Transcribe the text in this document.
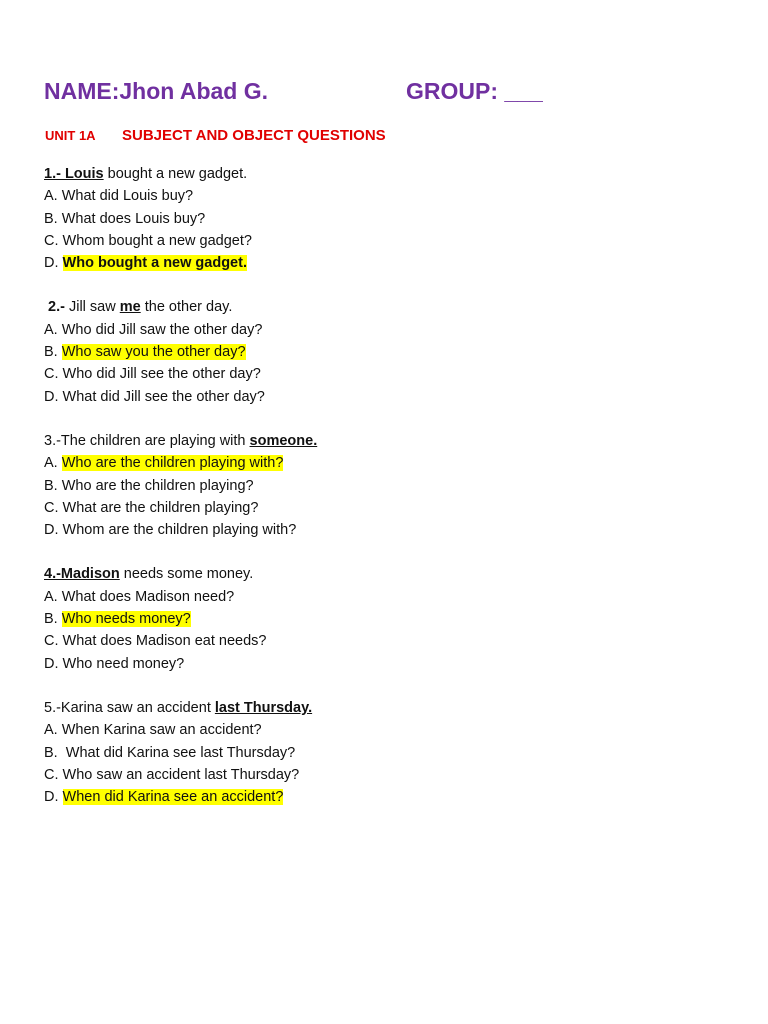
NAME:Jhon Abad G.	GROUP: ___
UNIT 1A SUBJECT AND OBJECT QUESTIONS
1.- Louis bought a new gadget.
A. What did Louis buy?
B. What does Louis buy?
C. Whom bought a new gadget?
D. Who bought a new gadget.
2.- Jill saw me the other day.
A. Who did Jill saw the other day?
B. Who saw you the other day?
C. Who did Jill see the other day?
D. What did Jill see the other day?
3.-The children are playing with someone.
A. Who are the children playing with?
B. Who are the children playing?
C. What are the children playing?
D. Whom are the children playing with?
4.-Madison needs some money.
A. What does Madison need?
B. Who needs money?
C. What does Madison eat needs?
D. Who need money?
5.-Karina saw an accident last Thursday.
A. When Karina saw an accident?
B.  What did Karina see last Thursday?
C. Who saw an accident last Thursday?
D. When did Karina see an accident?
